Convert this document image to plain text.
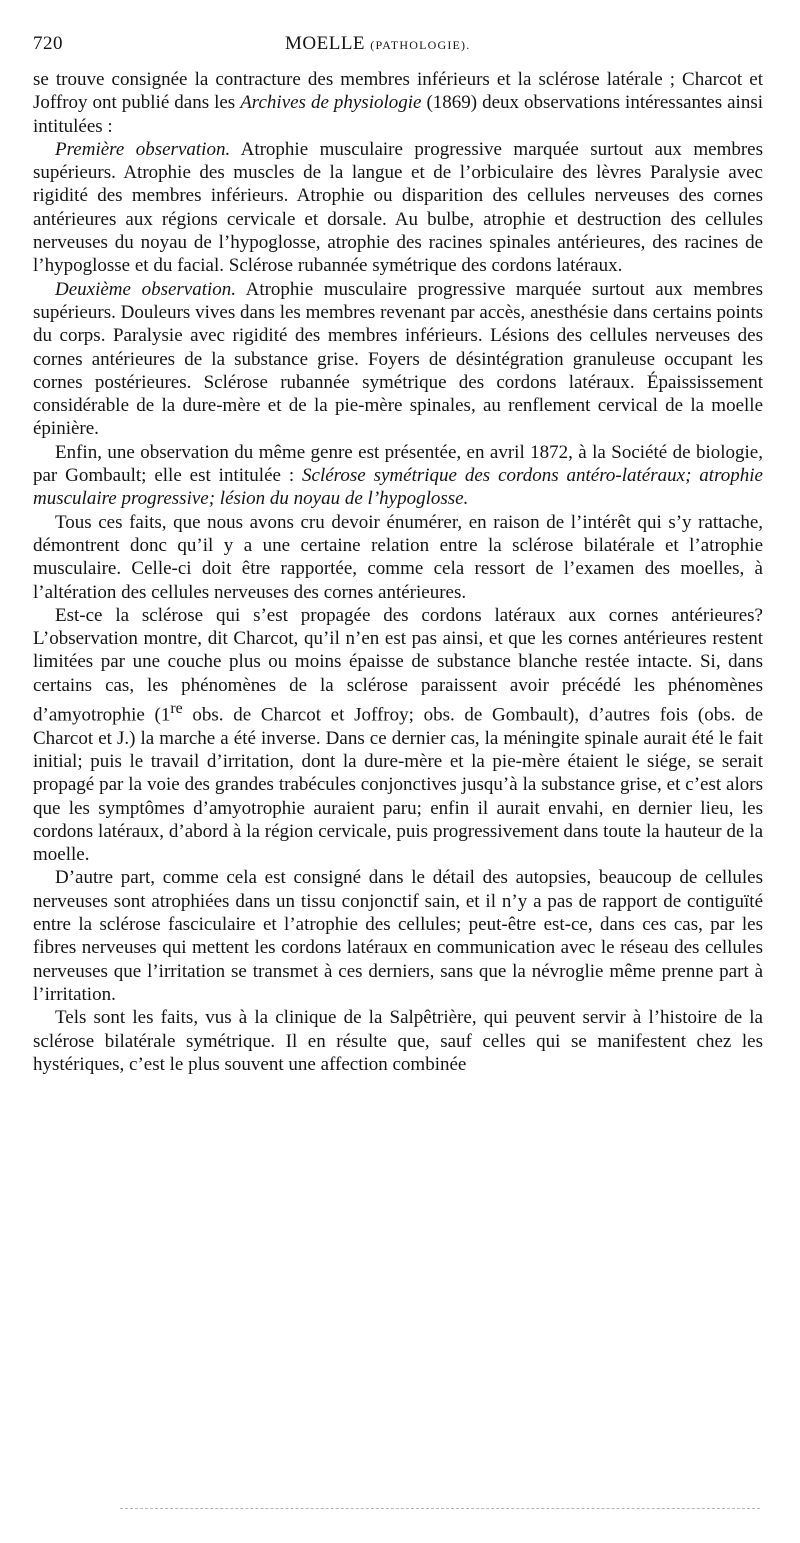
720	MOELLE (PATHOLOGIE).

se trouve consignée la contracture des membres inférieurs et la sclérose latérale ; Charcot et Joffroy ont publié dans les Archives de physiologie (1869) deux observations intéressantes ainsi intitulées :

Première observation. Atrophie musculaire progressive marquée surtout aux membres supérieurs. Atrophie des muscles de la langue et de l’orbiculaire des lèvres Paralysie avec rigidité des membres inférieurs. Atrophie ou disparition des cellules nerveuses des cornes antérieures aux régions cervicale et dorsale. Au bulbe, atrophie et destruction des cellules nerveuses du noyau de l’hypoglosse, atrophie des racines spinales antérieures, des racines de l’hypoglosse et du facial. Sclérose rubannée symétrique des cordons latéraux.

Deuxième observation. Atrophie musculaire progressive marquée surtout aux membres supérieurs. Douleurs vives dans les membres revenant par accès, anesthésie dans certains points du corps. Paralysie avec rigidité des membres inférieurs. Lésions des cellules nerveuses des cornes antérieures de la substance grise. Foyers de désintégration granuleuse occupant les cornes postérieures. Sclérose rubannée symétrique des cordons latéraux. Épaississement considérable de la dure-mère et de la pie-mère spinales, au renflement cervical de la moelle épinière.

Enfin, une observation du même genre est présentée, en avril 1872, à la Société de biologie, par Gombault; elle est intitulée : Sclérose symétrique des cordons antéro-latéraux; atrophie musculaire progressive; lésion du noyau de l’hypoglosse.

Tous ces faits, que nous avons cru devoir énumérer, en raison de l’intérêt qui s’y rattache, démontrent donc qu’il y a une certaine relation entre la sclérose bilatérale et l’atrophie musculaire. Celle-ci doit être rapportée, comme cela ressort de l’examen des moelles, à l’altération des cellules nerveuses des cornes antérieures.

Est-ce la sclérose qui s’est propagée des cordons latéraux aux cornes antérieures? L’observation montre, dit Charcot, qu’il n’en est pas ainsi, et que les cornes antérieures restent limitées par une couche plus ou moins épaisse de substance blanche restée intacte. Si, dans certains cas, les phénomènes de la sclérose paraissent avoir précédé les phénomènes d’amyotrophie (1re obs. de Charcot et Joffroy; obs. de Gombault), d’autres fois (obs. de Charcot et J.) la marche a été inverse. Dans ce dernier cas, la méningite spinale aurait été le fait initial; puis le travail d’irritation, dont la dure-mère et la pie-mère étaient le siége, se serait propagé par la voie des grandes trabécules conjonctives jusqu’à la substance grise, et c’est alors que les symptômes d’amyotrophie auraient paru; enfin il aurait envahi, en dernier lieu, les cordons latéraux, d’abord à la région cervicale, puis progressivement dans toute la hauteur de la moelle.

D’autre part, comme cela est consigné dans le détail des autopsies, beaucoup de cellules nerveuses sont atrophiées dans un tissu conjonctif sain, et il n’y a pas de rapport de contiguïté entre la sclérose fasciculaire et l’atrophie des cellules; peut-être est-ce, dans ces cas, par les fibres nerveuses qui mettent les cordons latéraux en communication avec le réseau des cellules nerveuses que l’irritation se transmet à ces derniers, sans que la névroglie même prenne part à l’irritation.

Tels sont les faits, vus à la clinique de la Salpêtrière, qui peuvent servir à l’histoire de la sclérose bilatérale symétrique. Il en résulte que, sauf celles qui se manifestent chez les hystériques, c’est le plus souvent une affection combinée
